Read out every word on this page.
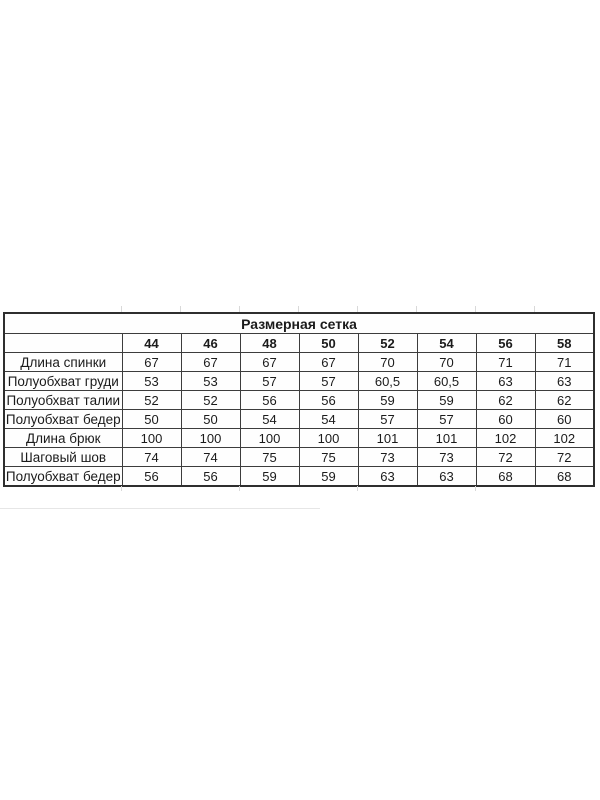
Размерная сетка								
	44	46	48	50	52	54	56	58
Длина спинки	67	67	67	67	70	70	71	71
Полуобхват груди	53	53	57	57	60,5	60,5	63	63
Полуобхват талии	52	52	56	56	59	59	62	62
Полуобхват бедер	50	50	54	54	57	57	60	60
Длина брюк	100	100	100	100	101	101	102	102
Шаговый шов	74	74	75	75	73	73	72	72
Полуобхват бедер	56	56	59	59	63	63	68	68
